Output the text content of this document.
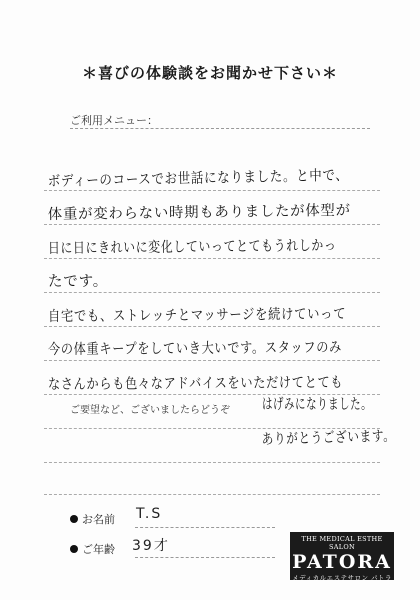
＊喜びの体験談をお聞かせ下さい＊
ご利用メニュー：
ボディーのコースでお世話になりました。と中で、
体重が変わらない時期もありましたが体型が
日に日にきれいに変化していってとてもうれしかっ
たです。
自宅でも、ストレッチとマッサージを続けていって
今の体重キープをしていき大いです。スタッフのみ
なさんからも色々なアドバイスをいただけてとても
ご要望など、ございましたらどうぞ はげみになりました。
ありがとうございます。
お名前 T.S
ご年齢 39才	THE MEDICAL ESTHE SALON
PATORA
メディカルエステサロン パトラ
